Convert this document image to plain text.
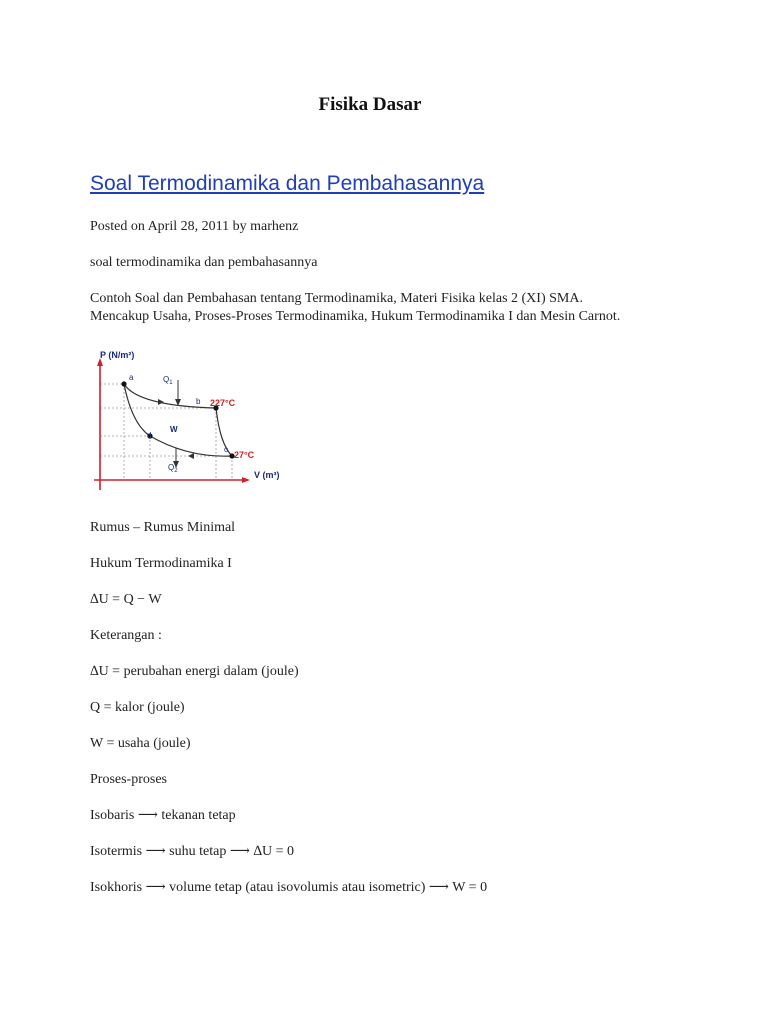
Fisika Dasar
Soal Termodinamika dan Pembahasannya

Posted on April 28, 2011 by marhenz

soal termodinamika dan pembahasannya

Contoh Soal dan Pembahasan tentang Termodinamika, Materi Fisika kelas 2 (XI) SMA.

Mencakup Usaha, Proses-Proses Termodinamika, Hukum Termodinamika I dan Mesin Carnot.

P (N/m²)
V (m³)
a
b
c
d
$Q_1$
$Q_2$
W
227°C
27°C

Rumus – Rumus Minimal

Hukum Termodinamika I

∆U = Q − W

Keterangan :

∆U = perubahan energi dalam (joule)

Q = kalor (joule)

W = usaha (joule)

Proses-proses

Isobaris ⟶ tekanan tetap

Isotermis ⟶ suhu tetap ⟶ ∆U = 0

Isokhoris ⟶ volume tetap (atau isovolumis atau isometric) ⟶ W = 0
